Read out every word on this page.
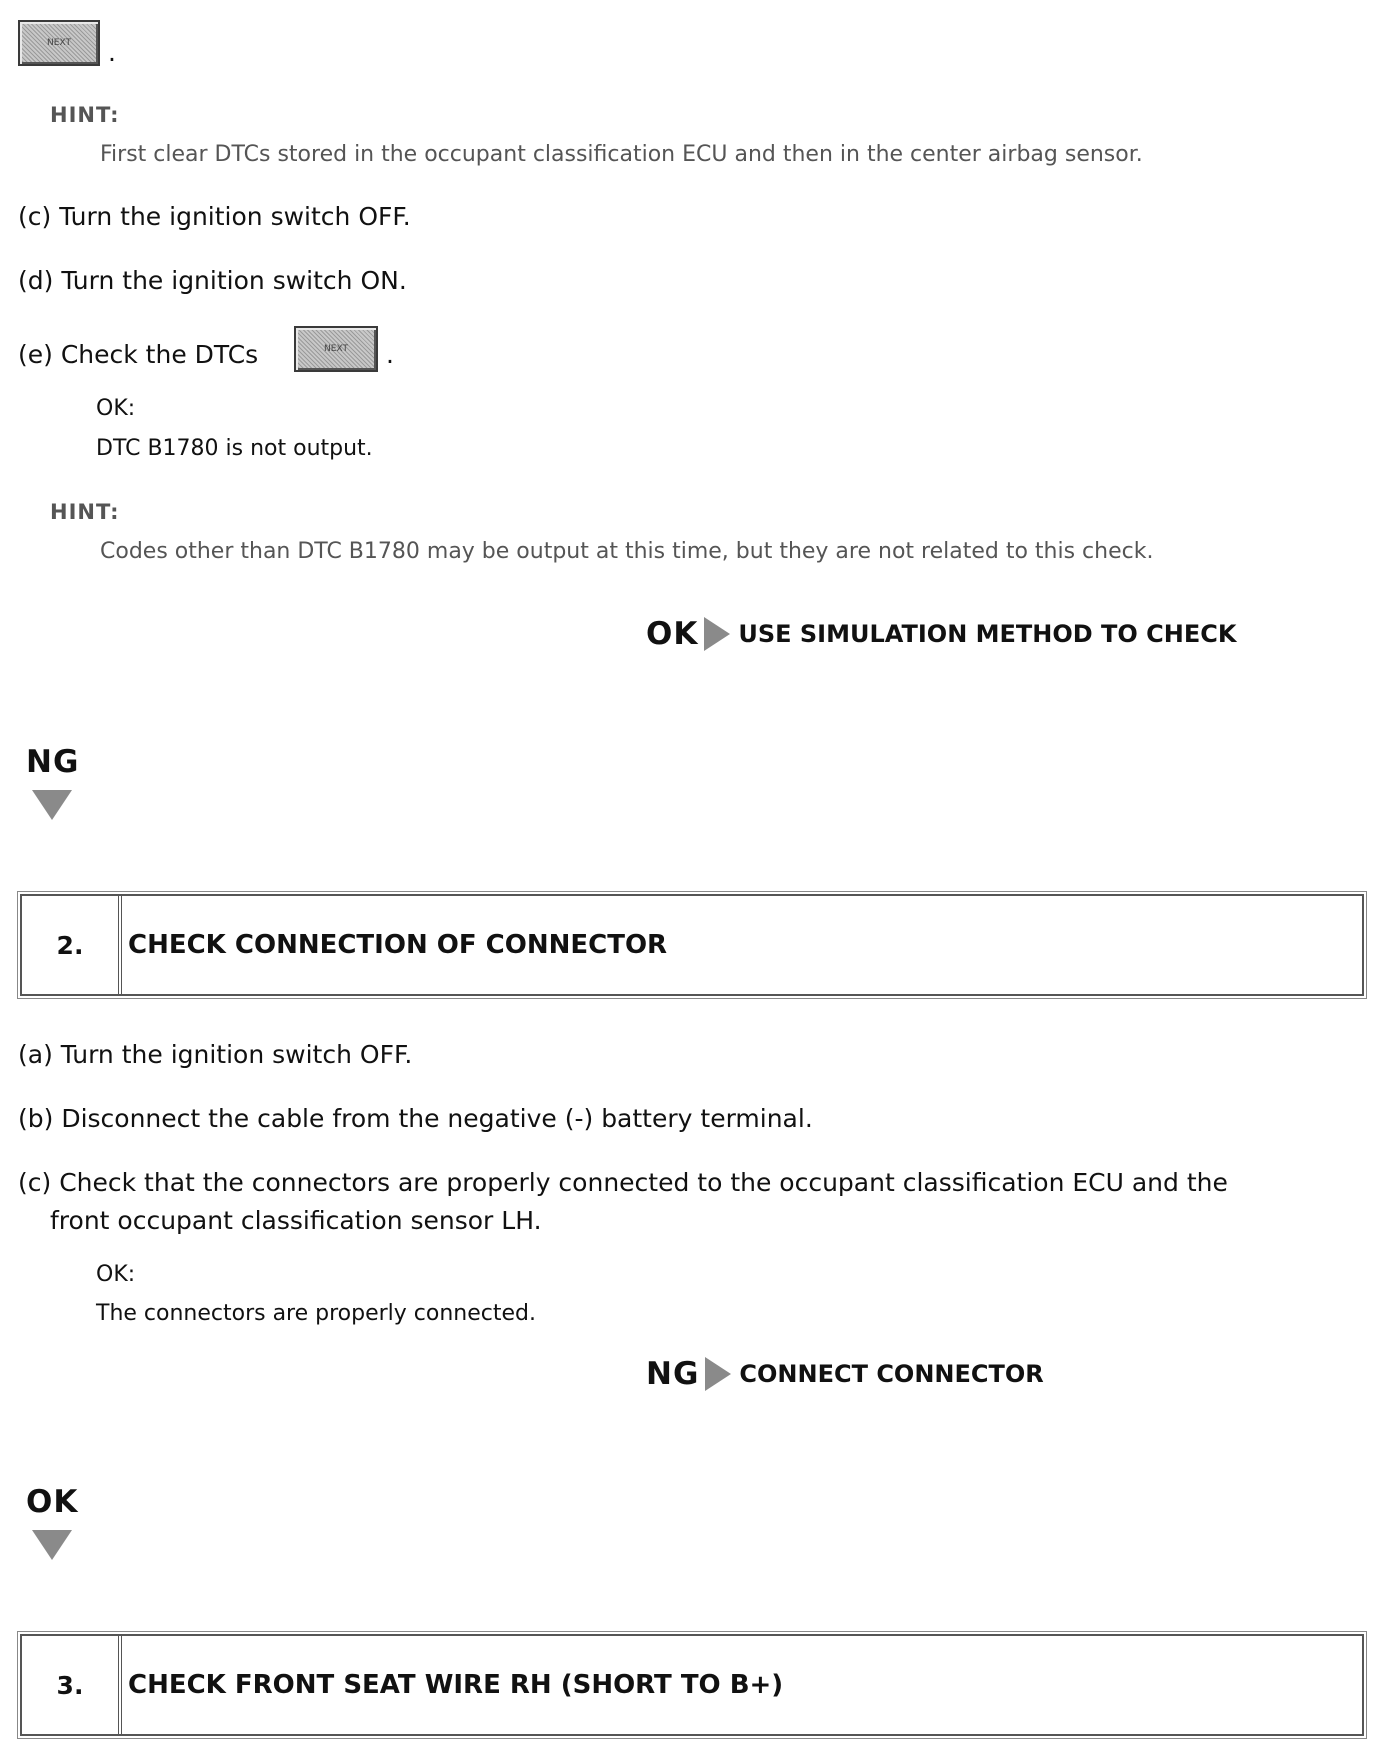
NEXT	.
HINT:
First clear DTCs stored in the occupant classification ECU and then in the center airbag sensor.
(c) Turn the ignition switch OFF.
(d) Turn the ignition switch ON.
(e) Check the DTCs	NEXT	.
OK:
DTC B1780 is not output.
HINT:
Codes other than DTC B1780 may be output at this time, but they are not related to this check.
OK USE SIMULATION METHOD TO CHECK
NG
2.	CHECK CONNECTION OF CONNECTOR
(a) Turn the ignition switch OFF.
(b) Disconnect the cable from the negative (-) battery terminal.
(c) Check that the connectors are properly connected to the occupant classification ECU and the
front occupant classification sensor LH.
OK:
The connectors are properly connected.
NG CONNECT CONNECTOR
OK
3.	CHECK FRONT SEAT WIRE RH (SHORT TO B+)
